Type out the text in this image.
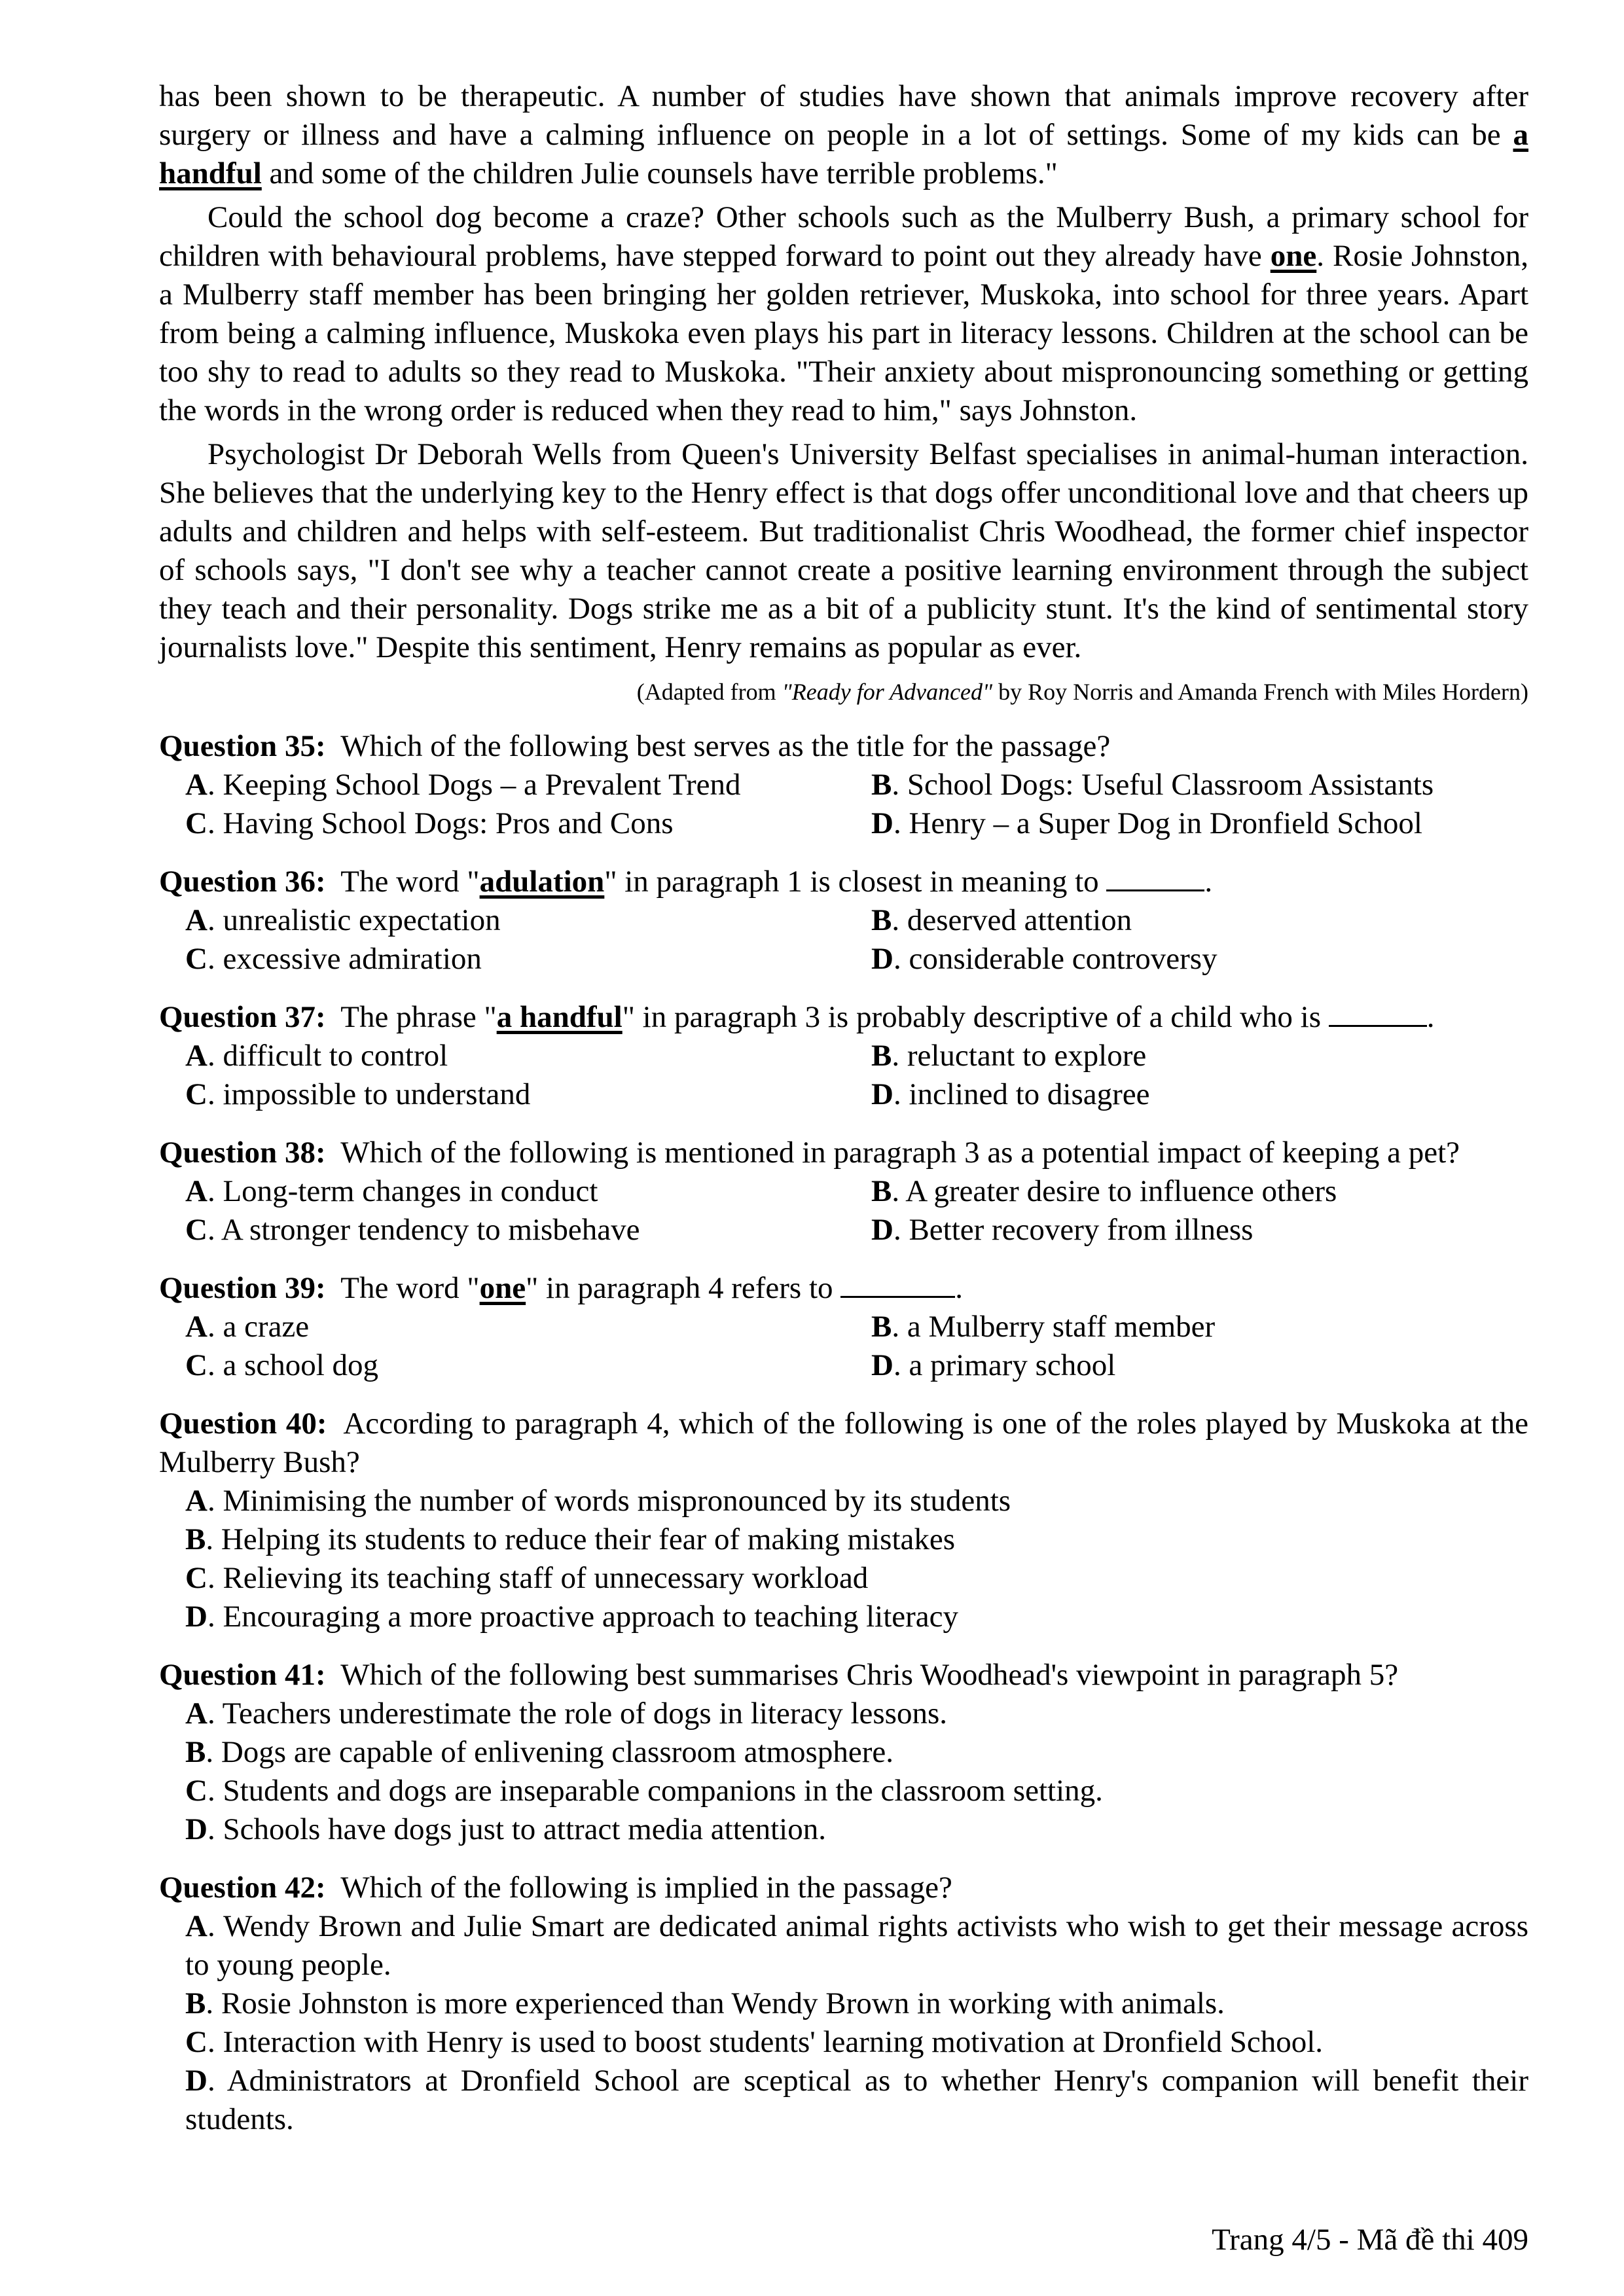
has been shown to be therapeutic. A number of studies have shown that animals improve recovery after surgery or illness and have a calming influence on people in a lot of settings. Some of my kids can be a handful and some of the children Julie counsels have terrible problems."

Could the school dog become a craze? Other schools such as the Mulberry Bush, a primary school for children with behavioural problems, have stepped forward to point out they already have one. Rosie Johnston, a Mulberry staff member has been bringing her golden retriever, Muskoka, into school for three years. Apart from being a calming influence, Muskoka even plays his part in literacy lessons. Children at the school can be too shy to read to adults so they read to Muskoka. "Their anxiety about mispronouncing something or getting the words in the wrong order is reduced when they read to him," says Johnston.

Psychologist Dr Deborah Wells from Queen's University Belfast specialises in animal-human interaction. She believes that the underlying key to the Henry effect is that dogs offer unconditional love and that cheers up adults and children and helps with self-esteem. But traditionalist Chris Woodhead, the former chief inspector of schools says, "I don't see why a teacher cannot create a positive learning environment through the subject they teach and their personality. Dogs strike me as a bit of a publicity stunt. It's the kind of sentimental story journalists love." Despite this sentiment, Henry remains as popular as ever.

(Adapted from "Ready for Advanced" by Roy Norris and Amanda French with Miles Hordern)
Question 35: Which of the following best serves as the title for the passage?
A. Keeping School Dogs – a Prevalent Trend	B. School Dogs: Useful Classroom Assistants
C. Having School Dogs: Pros and Cons	D. Henry – a Super Dog in Dronfield School
Question 36: The word "adulation" in paragraph 1 is closest in meaning to	.
A. unrealistic expectation	B. deserved attention
C. excessive admiration	D. considerable controversy
Question 37: The phrase "a handful" in paragraph 3 is probably descriptive of a child who is	.
A. difficult to control	B. reluctant to explore
C. impossible to understand	D. inclined to disagree
Question 38: Which of the following is mentioned in paragraph 3 as a potential impact of keeping a pet?
A. Long-term changes in conduct	B. A greater desire to influence others
C. A stronger tendency to misbehave	D. Better recovery from illness
Question 39: The word "one" in paragraph 4 refers to	.
A. a craze	B. a Mulberry staff member
C. a school dog	D. a primary school
Question 40: According to paragraph 4, which of the following is one of the roles played by Muskoka at the Mulberry Bush?
A. Minimising the number of words mispronounced by its students
B. Helping its students to reduce their fear of making mistakes
C. Relieving its teaching staff of unnecessary workload
D. Encouraging a more proactive approach to teaching literacy
Question 41: Which of the following best summarises Chris Woodhead's viewpoint in paragraph 5?
A. Teachers underestimate the role of dogs in literacy lessons.
B. Dogs are capable of enlivening classroom atmosphere.
C. Students and dogs are inseparable companions in the classroom setting.
D. Schools have dogs just to attract media attention.
Question 42: Which of the following is implied in the passage?
A. Wendy Brown and Julie Smart are dedicated animal rights activists who wish to get their message across to young people.
B. Rosie Johnston is more experienced than Wendy Brown in working with animals.
C. Interaction with Henry is used to boost students' learning motivation at Dronfield School.
D. Administrators at Dronfield School are sceptical as to whether Henry's companion will benefit their students.
Trang 4/5 - Mã đề thi 409
